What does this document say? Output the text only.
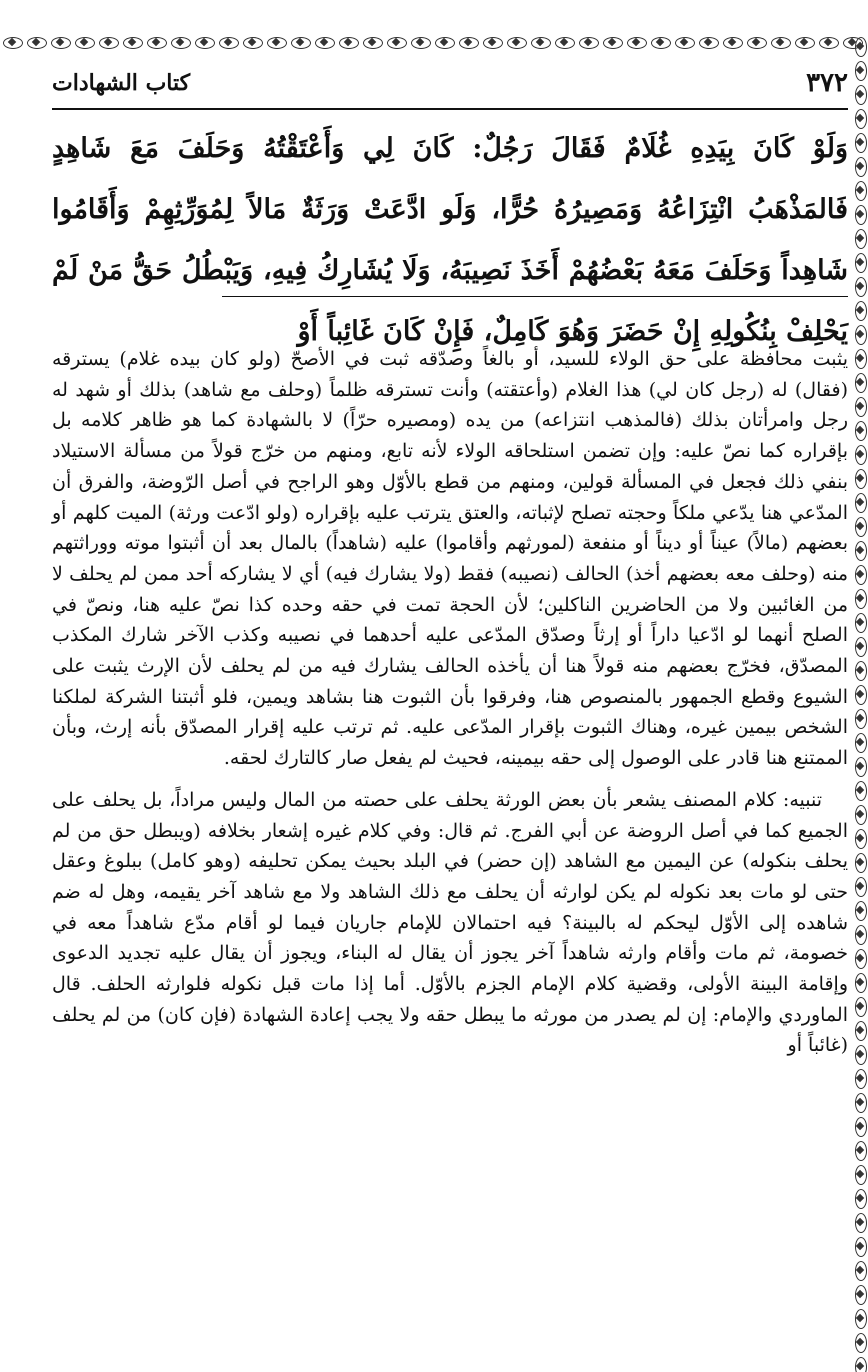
٣٧٢
كتاب الشهادات
وَلَوْ كَانَ بِيَدِهِ غُلَامٌ فَقَالَ رَجُلٌ: كَانَ لِي وَأَعْتَقْتُهُ وَحَلَفَ مَعَ شَاهِدٍ فَالمَذْهَبُ انْتِزَاعُهُ وَمَصِيرُهُ حُرًّا، وَلَو ادَّعَتْ وَرَثَةٌ مَالاً لِمُوَرِّثِهِمْ وَأَقَامُوا شَاهِداً وَحَلَفَ مَعَهُ بَعْضُهُمْ أَخَذَ نَصِيبَهُ، وَلَا يُشَارِكُ فِيهِ، وَيَبْطُلُ حَقُّ مَنْ لَمْ يَحْلِفْ بِنُكُولِهِ إِنْ حَضَرَ وَهُوَ كَامِلٌ، فَإِنْ كَانَ غَائِباً أَوْ

يثبت محافظة على حق الولاء للسيد، أو بالغاً وصدّقه ثبت في الأصحّ (ولو كان بيده غلام) يسترقه (فقال) له (رجل كان لي) هذا الغلام (وأعتقته) وأنت تسترقه ظلماً (وحلف مع شاهد) بذلك أو شهد له رجل وامرأتان بذلك (فالمذهب انتزاعه) من يده (ومصيره حرّاً) لا بالشهادة كما هو ظاهر كلامه بل بإقراره كما نصّ عليه: وإن تضمن استلحاقه الولاء لأنه تابع، ومنهم من خرّج قولاً من مسألة الاستيلاد بنفي ذلك فجعل في المسألة قولين، ومنهم من قطع بالأوّل وهو الراجح في أصل الرّوضة، والفرق أن المدّعي هنا يدّعي ملكاً وحجته تصلح لإثباته، والعتق يترتب عليه بإقراره (ولو ادّعت ورثة) الميت كلهم أو بعضهم (مالاً) عيناً أو ديناً أو منفعة (لمورثهم وأقاموا) عليه (شاهداً) بالمال بعد أن أثبتوا موته ووراثتهم منه (وحلف معه بعضهم أخذ) الحالف (نصيبه) فقط (ولا يشارك فيه) أي لا يشاركه أحد ممن لم يحلف لا من الغائبين ولا من الحاضرين الناكلين؛ لأن الحجة تمت في حقه وحده كذا نصّ عليه هنا، ونصّ في الصلح أنهما لو ادّعيا داراً أو إرثاً وصدّق المدّعى عليه أحدهما في نصيبه وكذب الآخر شارك المكذب المصدّق، فخرّج بعضهم منه قولاً هنا أن يأخذه الحالف يشارك فيه من لم يحلف لأن الإرث يثبت على الشيوع وقطع الجمهور بالمنصوص هنا، وفرقوا بأن الثبوت هنا بشاهد ويمين، فلو أثبتنا الشركة لملكنا الشخص بيمين غيره، وهناك الثبوت بإقرار المدّعى عليه. ثم ترتب عليه إقرار المصدّق بأنه إرث، وبأن الممتنع هنا قادر على الوصول إلى حقه بيمينه، فحيث لم يفعل صار كالتارك لحقه.

تنبيه: كلام المصنف يشعر بأن بعض الورثة يحلف على حصته من المال وليس مراداً، بل يحلف على الجميع كما في أصل الروضة عن أبي الفرج. ثم قال: وفي كلام غيره إشعار بخلافه (ويبطل حق من لم يحلف بنكوله) عن اليمين مع الشاهد (إن حضر) في البلد بحيث يمكن تحليفه (وهو كامل) ببلوغ وعقل حتى لو مات بعد نكوله لم يكن لوارثه أن يحلف مع ذلك الشاهد ولا مع شاهد آخر يقيمه، وهل له ضم شاهده إلى الأوّل ليحكم له بالبينة؟ فيه احتمالان للإمام جاريان فيما لو أقام مدّع شاهداً معه في خصومة، ثم مات وأقام وارثه شاهداً آخر يجوز أن يقال له البناء، ويجوز أن يقال عليه تجديد الدعوى وإقامة البينة الأولى، وقضية كلام الإمام الجزم بالأوّل. أما إذا مات قبل نكوله فلوارثه الحلف. قال الماوردي والإمام: إن لم يصدر من مورثه ما يبطل حقه ولا يجب إعادة الشهادة (فإن كان) من لم يحلف (غائباً أو
